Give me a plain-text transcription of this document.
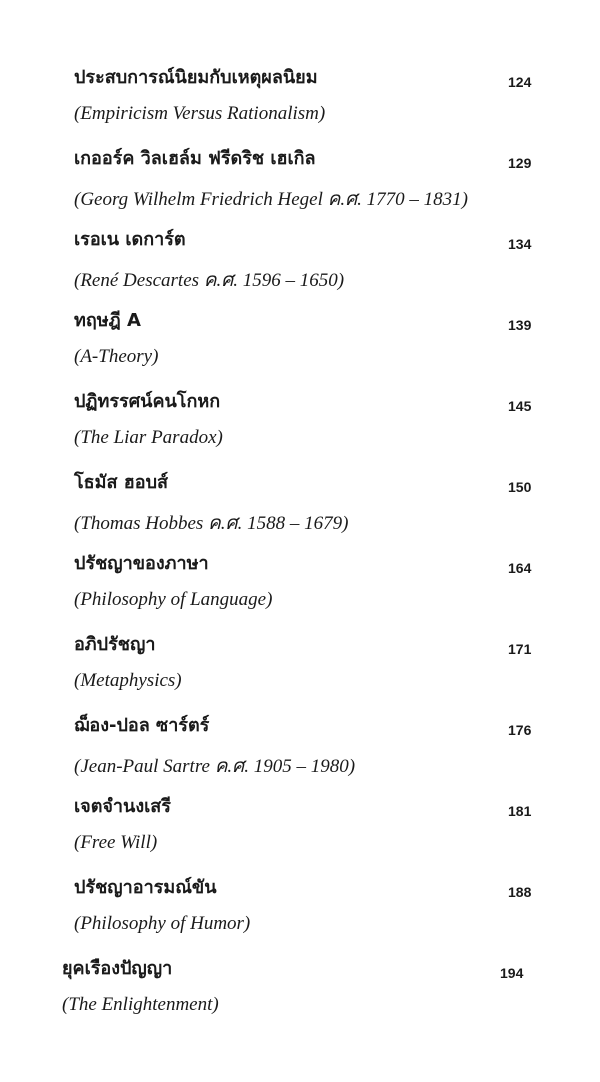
ประสบการณ์นิยมกับเหตุผลนิยม
(Empiricism Versus Rationalism)
124
เกออร์ค วิลเฮล์ม ฟรีดริช เฮเกิล
(Georg Wilhelm Friedrich Hegel ค.ศ. 1770 – 1831)
129
เรอเน เดการ์ต
(René Descartes ค.ศ. 1596 – 1650)
134
ทฤษฎี A
(A-Theory)
139
ปฏิทรรศน์คนโกหก
(The Liar Paradox)
145
โธมัส ฮอบส์
(Thomas Hobbes ค.ศ. 1588 – 1679)
150
ปรัชญาของภาษา
(Philosophy of Language)
164
อภิปรัชญา
(Metaphysics)
171
ฌ็อง-ปอล ซาร์ตร์
(Jean-Paul Sartre ค.ศ. 1905 – 1980)
176
เจตจำนงเสรี
(Free Will)
181
ปรัชญาอารมณ์ขัน
(Philosophy of Humor)
188
ยุคเรืองปัญญา
(The Enlightenment)
194
